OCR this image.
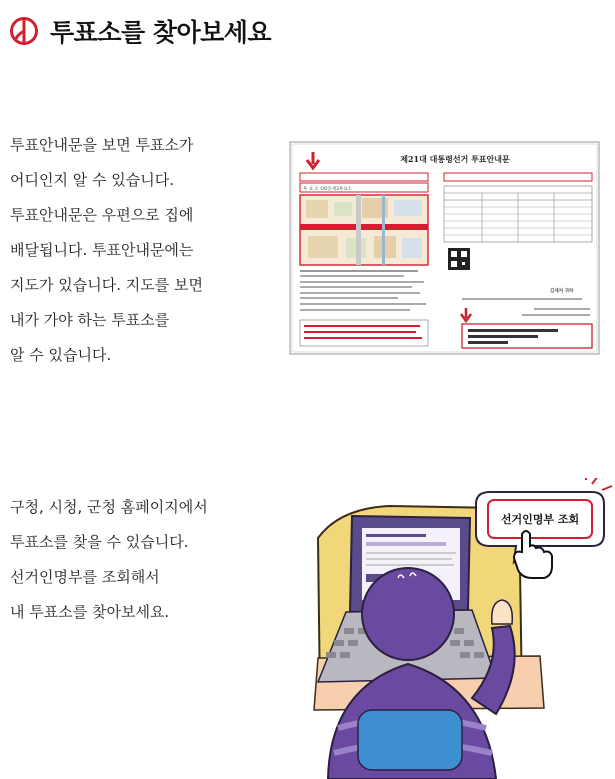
투표소를 찾아보세요
투표안내문을 보면 투표소가
어디인지 알 수 있습니다.
투표안내문은 우편으로 집에
배달됩니다. 투표안내문에는
지도가 있습니다. 지도를 보면
내가 가야 하는 투표소를
알 수 있습니다.
제21대 대통령선거 투표안내문
투 표 소 OO동제3투표소
김세저 귀하
구청, 시청, 군청 홈페이지에서
투표소를 찾을 수 있습니다.
선거인명부를 조회해서
내 투표소를 찾아보세요.
선거인명부 조회
